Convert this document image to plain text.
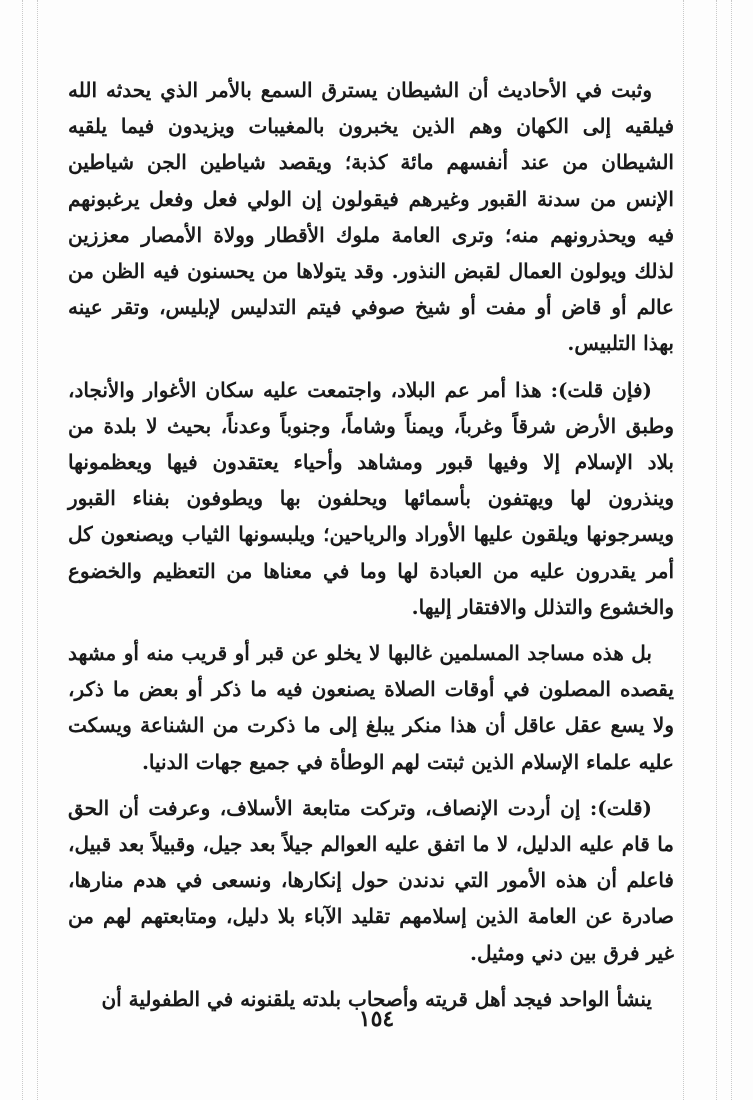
وثبت في الأحاديث أن الشيطان يسترق السمع بالأمر الذي يحدثه الله فيلقيه إلى الكهان وهم الذين يخبرون بالمغيبات ويزيدون فيما يلقيه الشيطان من عند أنفسهم مائة كذبة؛ ويقصد شياطين الجن شياطين الإنس من سدنة القبور وغيرهم فيقولون إن الولي فعل وفعل يرغبونهم فيه ويحذرونهم منه؛ وترى العامة ملوك الأقطار وولاة الأمصار معززين لذلك ويولون العمال لقبض النذور. وقد يتولاها من يحسنون فيه الظن من عالم أو قاض أو مفت أو شيخ صوفي فيتم التدليس لإبليس، وتقر عينه بهذا التلبيس.

(فإن قلت): هذا أمر عم البلاد، واجتمعت عليه سكان الأغوار والأنجاد، وطبق الأرض شرقاً وغرباً، ويمناً وشاماً، وجنوباً وعدناً، بحيث لا بلدة من بلاد الإسلام إلا وفيها قبور ومشاهد وأحياء يعتقدون فيها ويعظمونها وينذرون لها ويهتفون بأسمائها ويحلفون بها ويطوفون بفناء القبور ويسرجونها ويلقون عليها الأوراد والرياحين؛ ويلبسونها الثياب ويصنعون كل أمر يقدرون عليه من العبادة لها وما في معناها من التعظيم والخضوع والخشوع والتذلل والافتقار إليها.

بل هذه مساجد المسلمين غالبها لا يخلو عن قبر أو قريب منه أو مشهد يقصده المصلون في أوقات الصلاة يصنعون فيه ما ذكر أو بعض ما ذكر، ولا يسع عقل عاقل أن هذا منكر يبلغ إلى ما ذكرت من الشناعة ويسكت عليه علماء الإسلام الذين ثبتت لهم الوطأة في جميع جهات الدنيا.

(قلت): إن أردت الإنصاف، وتركت متابعة الأسلاف، وعرفت أن الحق ما قام عليه الدليل، لا ما اتفق عليه العوالم جيلاً بعد جيل، وقبيلاً بعد قبيل، فاعلم أن هذه الأمور التي ندندن حول إنكارها، ونسعى في هدم منارها، صادرة عن العامة الذين إسلامهم تقليد الآباء بلا دليل، ومتابعتهم لهم من غير فرق بين دني ومثيل.

ينشأ الواحد فيجد أهل قريته وأصحاب بلدته يلقنونه في الطفولية أن

١٥٤
